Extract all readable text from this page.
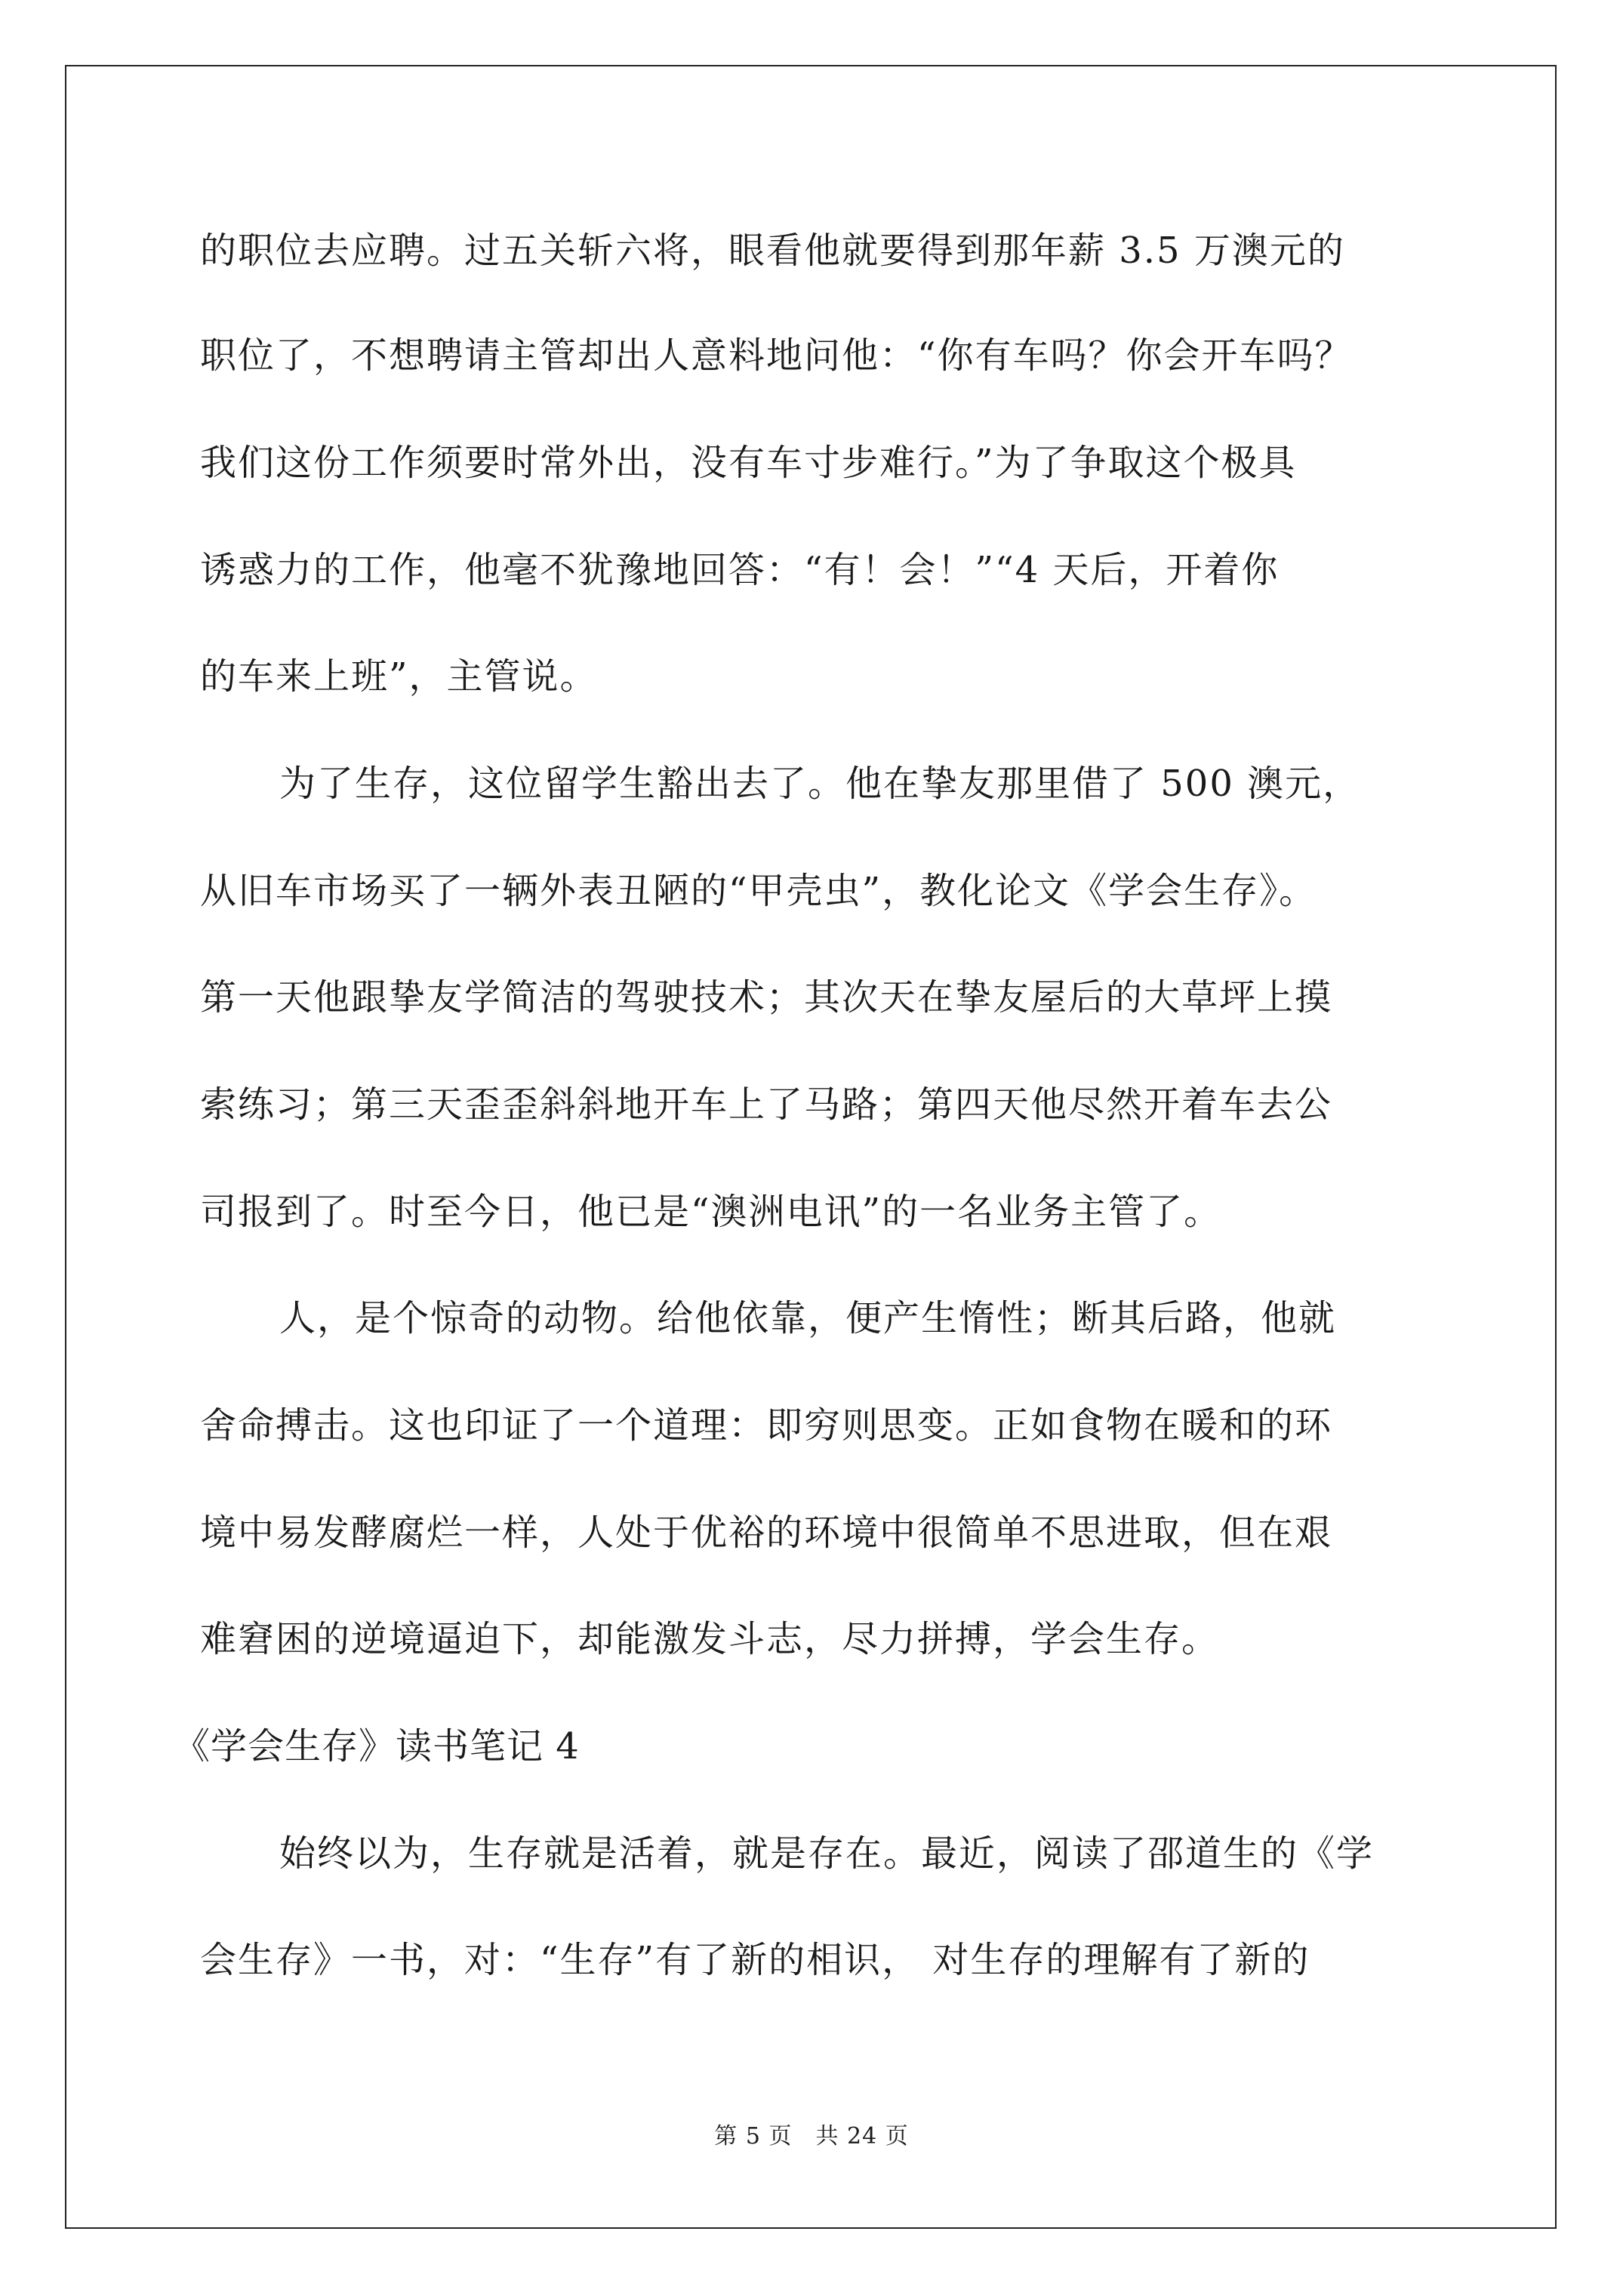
的职位去应聘。过五关斩六将，眼看他就要得到那年薪 3.5 万澳元的
职位了，不想聘请主管却出人意料地问他：“你有车吗？你会开车吗？
我们这份工作须要时常外出，没有车寸步难行。”为了争取这个极具
诱惑力的工作，他毫不犹豫地回答：“有！会！”“4 天后，开着你
的车来上班”，主管说。
为了生存，这位留学生豁出去了。他在挚友那里借了 500 澳元，
从旧车市场买了一辆外表丑陋的“甲壳虫”，教化论文《学会生存》。
第一天他跟挚友学简洁的驾驶技术；其次天在挚友屋后的大草坪上摸
索练习；第三天歪歪斜斜地开车上了马路；第四天他尽然开着车去公
司报到了。时至今日，他已是“澳洲电讯”的一名业务主管了。
人，是个惊奇的动物。给他依靠，便产生惰性；断其后路，他就
舍命搏击。这也印证了一个道理：即穷则思变。正如食物在暖和的环
境中易发酵腐烂一样，人处于优裕的环境中很简单不思进取，但在艰
难窘困的逆境逼迫下，却能激发斗志，尽力拼搏，学会生存。
《学会生存》读书笔记 4
始终以为，生存就是活着，就是存在。最近，阅读了邵道生的《学
会生存》一书，对：“生存”有了新的相识， 对生存的理解有了新的
第 5 页　共 24 页
